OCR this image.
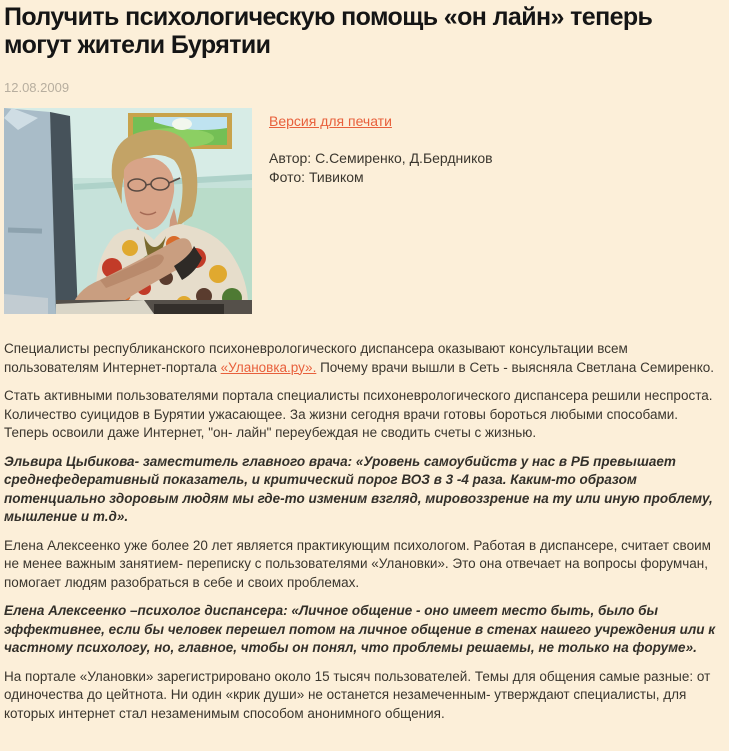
Получить психологическую помощь «он лайн» теперь могут жители Бурятии
12.08.2009
Версия для печати
Автор: С.Семиренко, Д.Бердников
Фото: Тивиком

Специалисты республиканского психоневрологического диспансера оказывают консультации всем пользователям Интернет-портала «Улановка.ру». Почему врачи вышли в Сеть - выясняла Светлана Семиренко.

Стать активными пользователями портала специалисты психоневрологического диспансера решили неспроста. Количество суицидов в Бурятии ужасающее. За жизни сегодня врачи готовы бороться любыми способами. Теперь освоили даже Интернет, "он- лайн" переубеждая не сводить счеты с жизнью.

Эльвира Цыбикова- заместитель главного врача: «Уровень самоубийств у нас в РБ превышает среднефедеративный показатель, и критический порог ВОЗ в 3 -4 раза. Каким-то образом потенциально здоровым людям мы где-то изменим взгляд, мировоззрение на ту или иную проблему, мышление и т.д».

Елена Алексеенко уже более 20 лет является практикующим психологом. Работая в диспансере, считает своим не менее важным занятием- переписку с пользователями «Улановки». Это она отвечает на вопросы форумчан, помогает людям разобраться в себе и своих проблемах.

Елена Алексеенко –психолог диспансера: «Личное общение - оно имеет место быть, было бы эффективнее, если бы человек перешел потом на личное общение в стенах нашего учреждения или к частному психологу, но, главное, чтобы он понял, что проблемы решаемы, не только на форуме».

На портале «Улановки» зарегистрировано около 15 тысяч пользователей. Темы для общения самые разные: от одиночества до цейтнота. Ни один «крик души» не останется незамеченным- утверждают специалисты, для которых интернет стал незаменимым способом анонимного общения.
